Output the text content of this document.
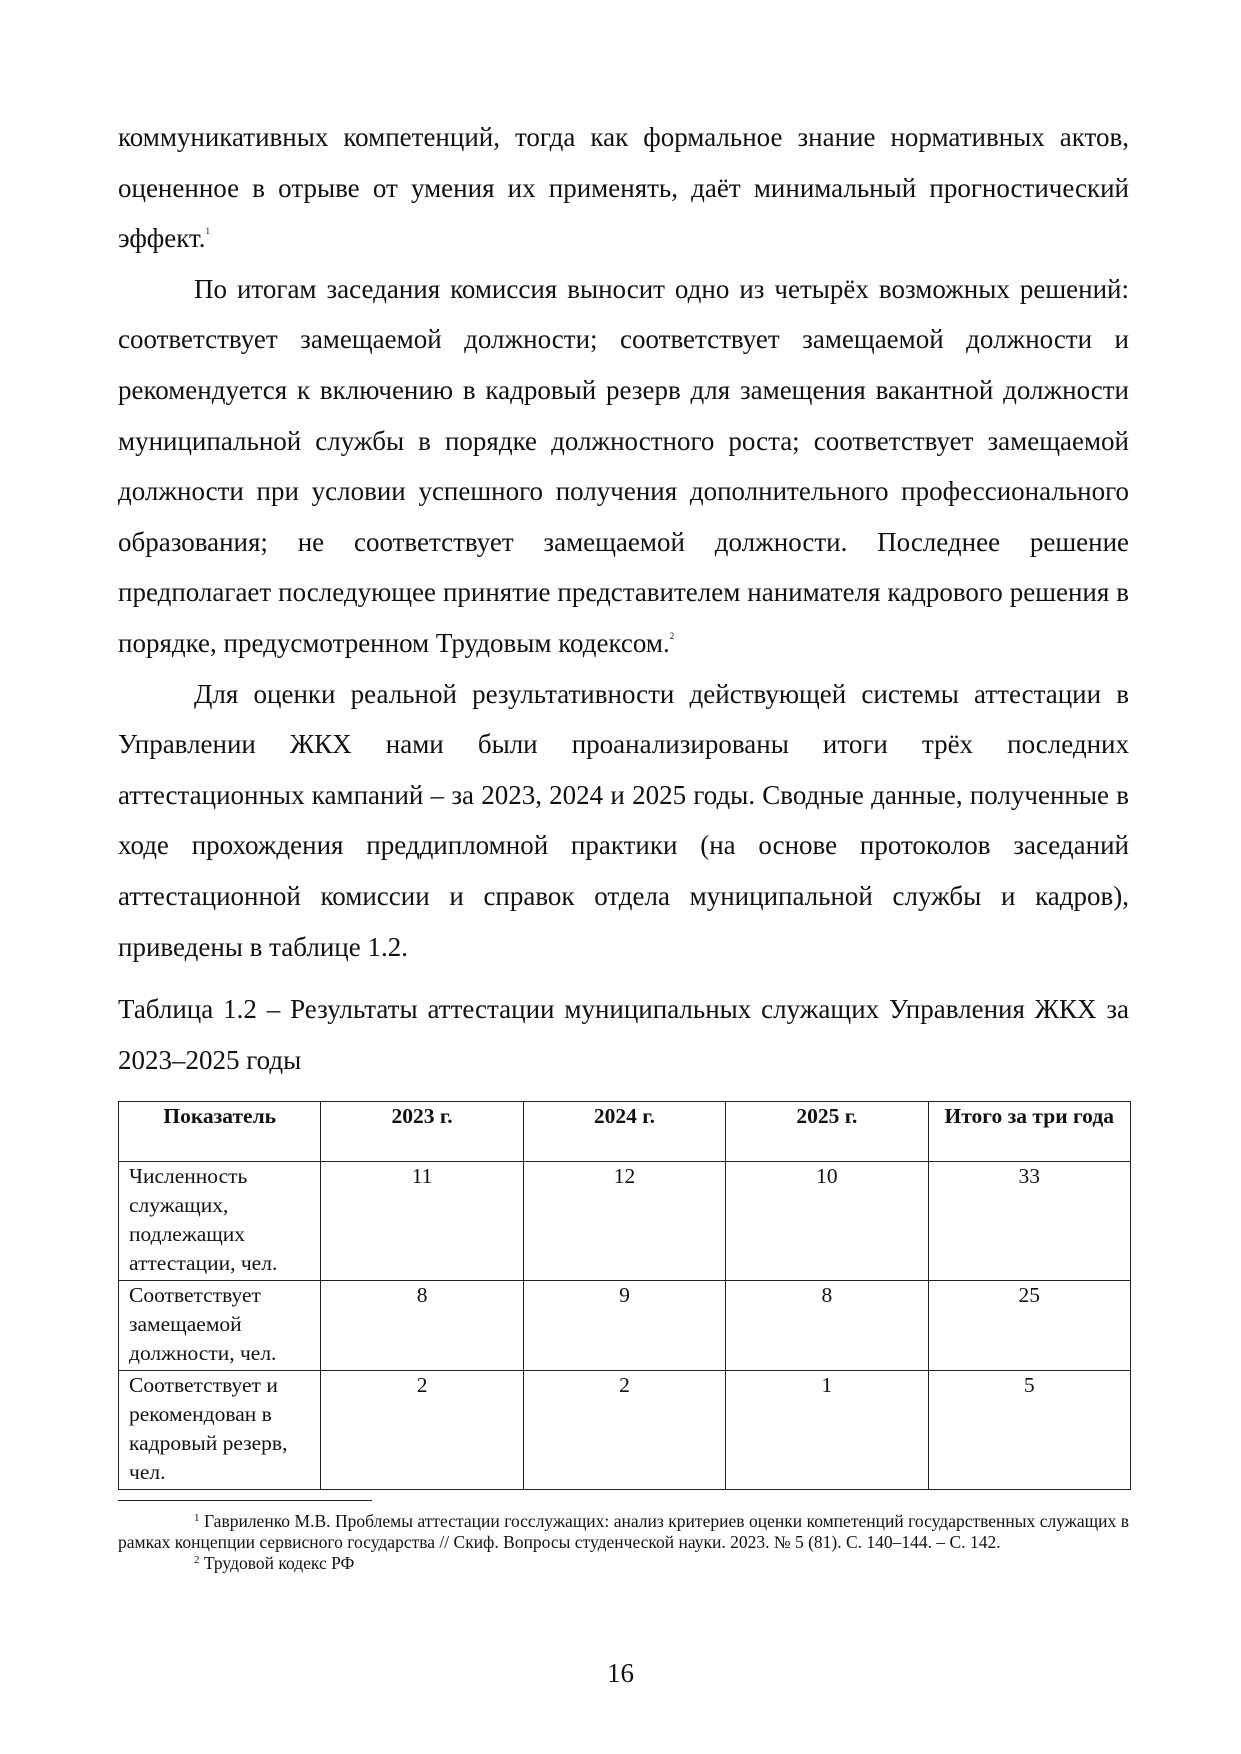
коммуникативных компетенций, тогда как формальное знание нормативных актов, оцененное в отрыве от умения их применять, даёт минимальный прогностический эффект.$^1$

По итогам заседания комиссия выносит одно из четырёх возможных решений: соответствует замещаемой должности; соответствует замещаемой должности и рекомендуется к включению в кадровый резерв для замещения вакантной должности муниципальной службы в порядке должностного роста; соответствует замещаемой должности при условии успешного получения дополнительного профессионального образования; не соответствует замещаемой должности. Последнее решение предполагает последующее принятие представителем нанимателя кадрового решения в порядке, предусмотренном Трудовым кодексом.$^2$

Для оценки реальной результативности действующей системы аттестации в Управлении ЖКХ нами были проанализированы итоги трёх последних аттестационных кампаний – за 2023, 2024 и 2025 годы. Сводные данные, полученные в ходе прохождения преддипломной практики (на основе протоколов заседаний аттестационной комиссии и справок отдела муниципальной службы и кадров), приведены в таблице 1.2.

Таблица 1.2 – Результаты аттестации муниципальных служащих Управления ЖКХ за 2023–2025 годы

Показатель	2023 г.	2024 г.	2025 г.	Итого за три года
Численность служащих, подлежащих аттестации, чел.	11	12	10	33
Соответствует замещаемой должности, чел.	8	9	8	25
Соответствует и рекомендован в кадровый резерв, чел.	2	2	1	5

$^1$ Гавриленко М.В. Проблемы аттестации госслужащих: анализ критериев оценки компетенций государственных служащих в рамках концепции сервисного государства // Скиф. Вопросы студенческой науки. 2023. № 5 (81). С. 140–144. – С. 142.

$^2$ Трудовой кодекс РФ

16
